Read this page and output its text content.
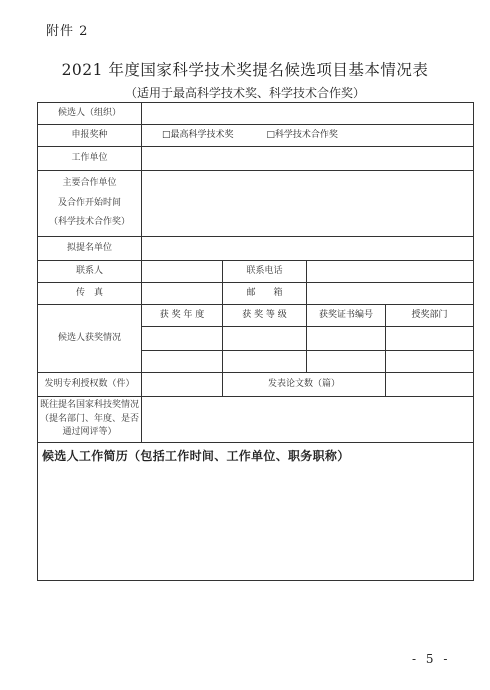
附件 2
2021 年度国家科学技术奖提名候选项目基本情况表
（适用于最高科学技术奖、科学技术合作奖）
候选人（组织）				
申报奖种	□最高科学技术奖 □科学技术合作奖			
工作单位				

主要合作单位
及合作开始时间
（科学技术合作奖）				

拟提名单位				
联系人		联系电话		
传　真		邮　　箱		
候选人获奖情况	获 奖 年 度	获 奖 等 级	获奖证书编号	授奖部门

发明专利授权数（件）		发表论文数（篇）		

既往提名国家科技奖情况
（提名部门、年度、是否
通过网评等）				

候选人工作简历（包括工作时间、工作单位、职务职称）				
- 5 -
